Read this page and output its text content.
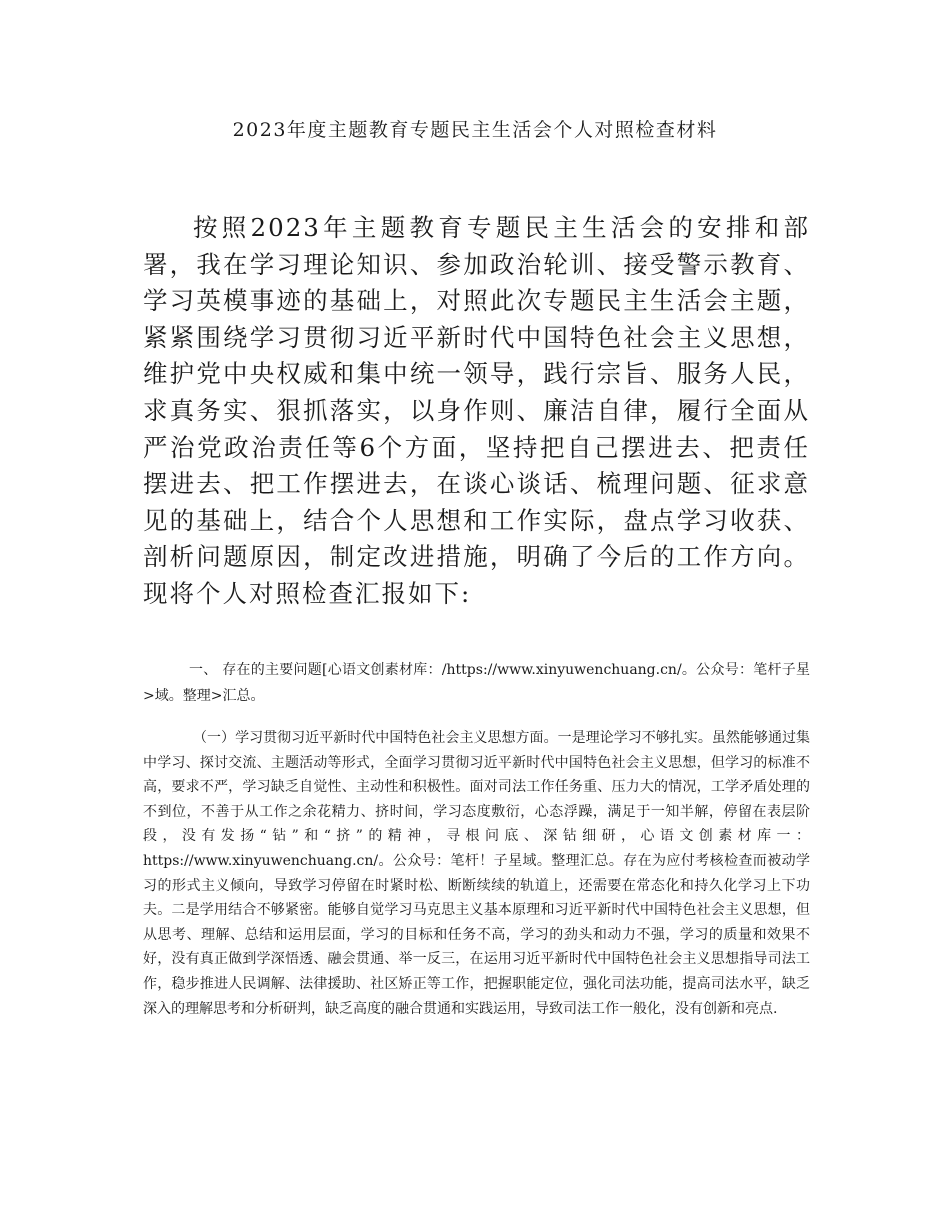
2023年度主题教育专题民主生活会个人对照检查材料

按照2023年主题教育专题民主生活会的安排和部署，我在学习理论知识、参加政治轮训、接受警示教育、学习英模事迹的基础上，对照此次专题民主生活会主题，紧紧围绕学习贯彻习近平新时代中国特色社会主义思想，维护党中央权威和集中统一领导，践行宗旨、服务人民，求真务实、狠抓落实，以身作则、廉洁自律，履行全面从严治党政治责任等6个方面，坚持把自己摆进去、把责任摆进去、把工作摆进去，在谈心谈话、梳理问题、征求意见的基础上，结合个人思想和工作实际，盘点学习收获、剖析问题原因，制定改进措施，明确了今后的工作方向。现将个人对照检查汇报如下:

一、 存在的主要问题[心语文创素材库：/https://www.xinyuwenchuang.cn/。公众号：笔杆子星>域。整理>汇总。

（一）学习贯彻习近平新时代中国特色社会主义思想方面。一是理论学习不够扎实。虽然能够通过集中学习、探讨交流、主题活动等形式，全面学习贯彻习近平新时代中国特色社会主义思想，但学习的标准不高，要求不严，学习缺乏自觉性、主动性和积极性。面对司法工作任务重、压力大的情况，工学矛盾处理的不到位，不善于从工作之余花精力、挤时间，学习态度敷衍，心态浮躁，满足于一知半解，停留在表层阶段，没有发扬“钻”和“挤”的精神，寻根问底、深钻细研，心语文创素材库一：https://www.xinyuwenchuang.cn/。公众号：笔杆！子星域。整理汇总。存在为应付考核检查而被动学习的形式主义倾向，导致学习停留在时紧时松、断断续续的轨道上，还需要在常态化和持久化学习上下功夫。二是学用结合不够紧密。能够自觉学习马克思主义基本原理和习近平新时代中国特色社会主义思想，但从思考、理解、总结和运用层面，学习的目标和任务不高，学习的劲头和动力不强，学习的质量和效果不好，没有真正做到学深悟透、融会贯通、举一反三，在运用习近平新时代中国特色社会主义思想指导司法工作，稳步推进人民调解、法律援助、社区矫正等工作，把握职能定位，强化司法功能，提高司法水平，缺乏深入的理解思考和分析研判，缺乏高度的融合贯通和实践运用，导致司法工作一般化，没有创新和亮点.
